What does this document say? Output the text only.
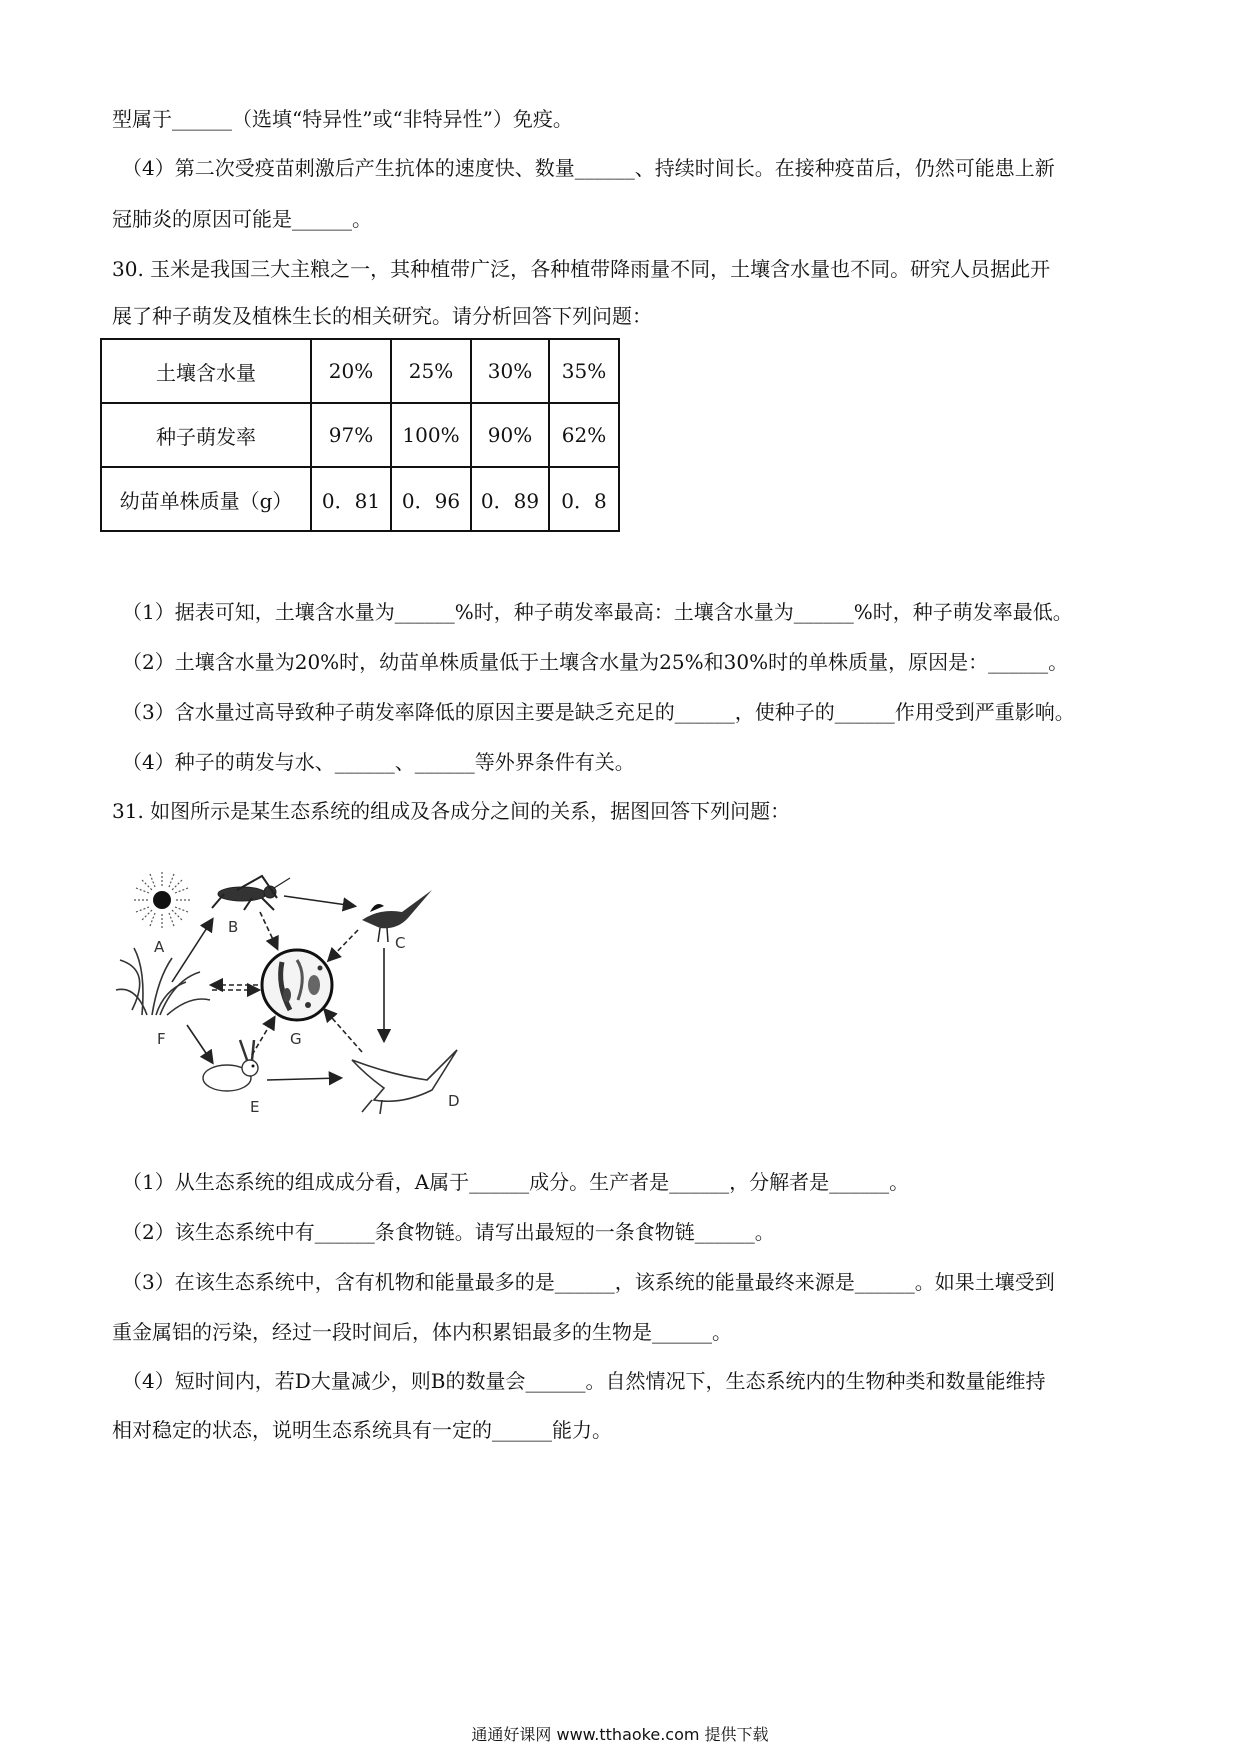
型属于______（选填“特异性”或“非特异性”）免疫。
（4）第二次受疫苗刺激后产生抗体的速度快、数量______、持续时间长。在接种疫苗后，仍然可能患上新
冠肺炎的原因可能是______。
30. 玉米是我国三大主粮之一，其种植带广泛，各种植带降雨量不同，土壤含水量也不同。研究人员据此开
展了种子萌发及植株生长的相关研究。请分析回答下列问题：
土壤含水量	20%	25%	30%	35%
种子萌发率	97%	100%	90%	62%
幼苗单株质量（g）	0．81	0．96	0．89	0．8
（1）据表可知，土壤含水量为______%时，种子萌发率最高：土壤含水量为______%时，种子萌发率最低。
（2）土壤含水量为20%时，幼苗单株质量低于土壤含水量为25%和30%时的单株质量，原因是：______。
（3）含水量过高导致种子萌发率降低的原因主要是缺乏充足的______，使种子的______作用受到严重影响。
（4）种子的萌发与水、______、______等外界条件有关。
31. 如图所示是某生态系统的组成及各成分之间的关系，据图回答下列问题：
A
B
C
F	G
E	D
（1）从生态系统的组成成分看，A属于______成分。生产者是______，分解者是______。
（2）该生态系统中有______条食物链。请写出最短的一条食物链______。
（3）在该生态系统中，含有机物和能量最多的是______，该系统的能量最终来源是______。如果土壤受到
重金属铝的污染，经过一段时间后，体内积累铝最多的生物是______。
（4）短时间内，若D大量减少，则B的数量会______。自然情况下，生态系统内的生物种类和数量能维持
相对稳定的状态，说明生态系统具有一定的______能力。
通通好课网 www.tthaoke.com 提供下载
